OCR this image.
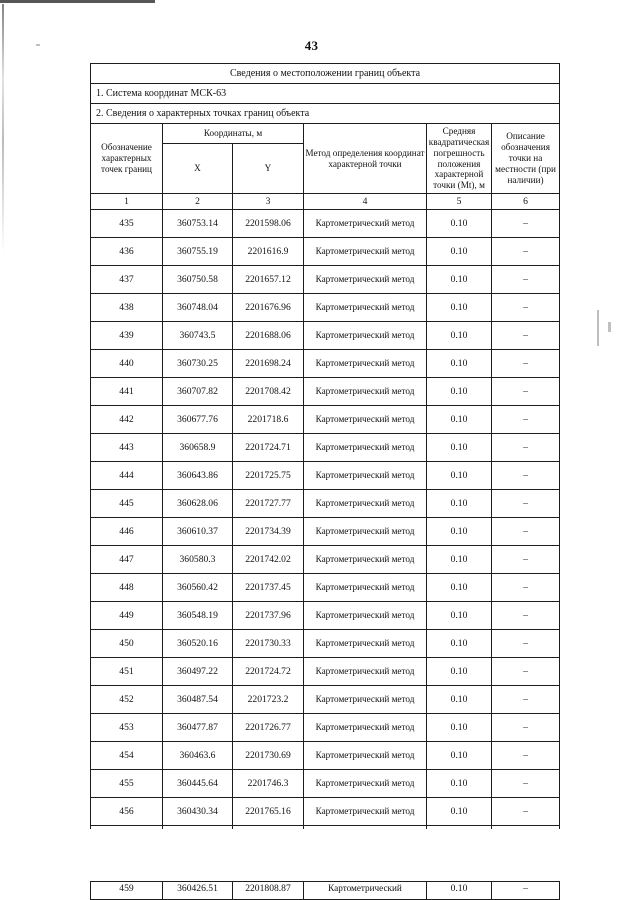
43
Сведения о местоположении границ объекта					
1. Система координат МСК-63					
2. Сведения о характерных точках границ объекта					
Обозначение характерных точек границ	Координаты, м		Метод определения координат характерной точки	Средняя квадратическая погрешность положения характерной точки (Мt), м	Описание обозначения точки на местности (при наличии)
	X	Y			
1	2	3	4	5	6
435	360753.14	2201598.06	Картометрический метод	0.10	–
436	360755.19	2201616.9	Картометрический метод	0.10	–
437	360750.58	2201657.12	Картометрический метод	0.10	–
438	360748.04	2201676.96	Картометрический метод	0.10	–
439	360743.5	2201688.06	Картометрический метод	0.10	–
440	360730.25	2201698.24	Картометрический метод	0.10	–
441	360707.82	2201708.42	Картометрический метод	0.10	–
442	360677.76	2201718.6	Картометрический метод	0.10	–
443	360658.9	2201724.71	Картометрический метод	0.10	–
444	360643.86	2201725.75	Картометрический метод	0.10	–
445	360628.06	2201727.77	Картометрический метод	0.10	–
446	360610.37	2201734.39	Картометрический метод	0.10	–
447	360580.3	2201742.02	Картометрический метод	0.10	–
448	360560.42	2201737.45	Картометрический метод	0.10	–
449	360548.19	2201737.96	Картометрический метод	0.10	–
450	360520.16	2201730.33	Картометрический метод	0.10	–
451	360497.22	2201724.72	Картометрический метод	0.10	–
452	360487.54	2201723.2	Картометрический метод	0.10	–
453	360477.87	2201726.77	Картометрический метод	0.10	–
454	360463.6	2201730.69	Картометрический метод	0.10	–
455	360445.64	2201746.3	Картометрический метод	0.10	–
456	360430.34	2201765.16	Картометрический метод	0.10	–

459	360426.51	2201808.87	Картометрический	0.10	–
